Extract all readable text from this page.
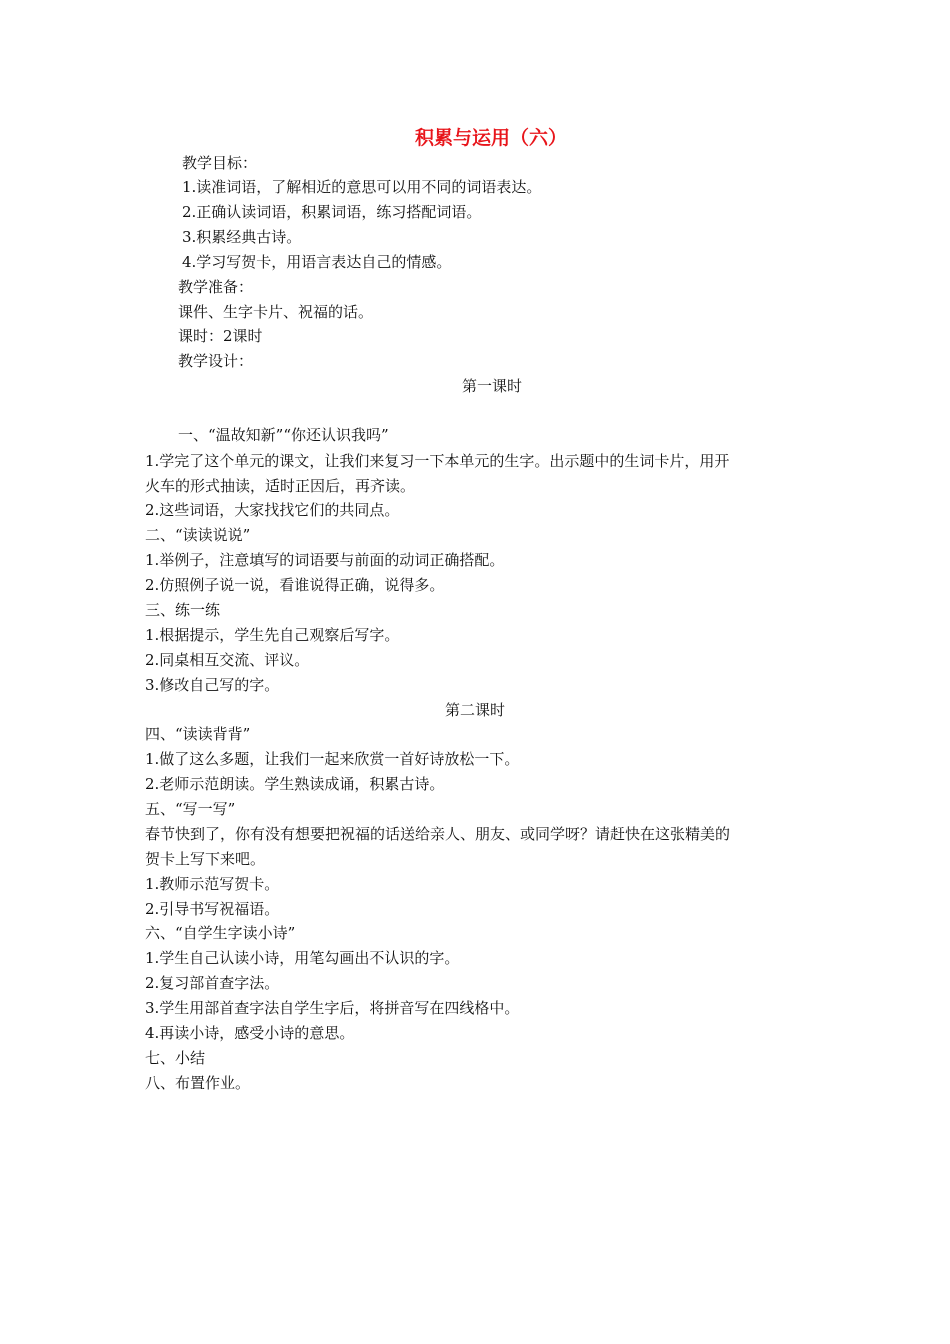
积累与运用（六）

教学目标：

1.读准词语，了解相近的意思可以用不同的词语表达。

2.正确认读词语，积累词语，练习搭配词语。

3.积累经典古诗。

4.学习写贺卡，用语言表达自己的情感。

教学准备：

课件、生字卡片、祝福的话。

课时：2课时

教学设计：

第一课时

一、“温故知新”“你还认识我吗”

1.学完了这个单元的课文，让我们来复习一下本单元的生字。出示题中的生词卡片，用开

火车的形式抽读，适时正因后，再齐读。

2.这些词语，大家找找它们的共同点。

二、“读读说说”

1.举例子，注意填写的词语要与前面的动词正确搭配。

2.仿照例子说一说，看谁说得正确，说得多。

三、练一练

1.根据提示，学生先自己观察后写字。

2.同桌相互交流、评议。

3.修改自己写的字。

第二课时

四、“读读背背”

1.做了这么多题，让我们一起来欣赏一首好诗放松一下。

2.老师示范朗读。学生熟读成诵，积累古诗。

五、“写一写”

春节快到了，你有没有想要把祝福的话送给亲人、朋友、或同学呀？请赶快在这张精美的

贺卡上写下来吧。

1.教师示范写贺卡。

2.引导书写祝福语。

六、“自学生字读小诗”

1.学生自己认读小诗，用笔勾画出不认识的字。

2.复习部首查字法。

3.学生用部首查字法自学生字后，将拼音写在四线格中。

4.再读小诗，感受小诗的意思。

七、小结

八、布置作业。
